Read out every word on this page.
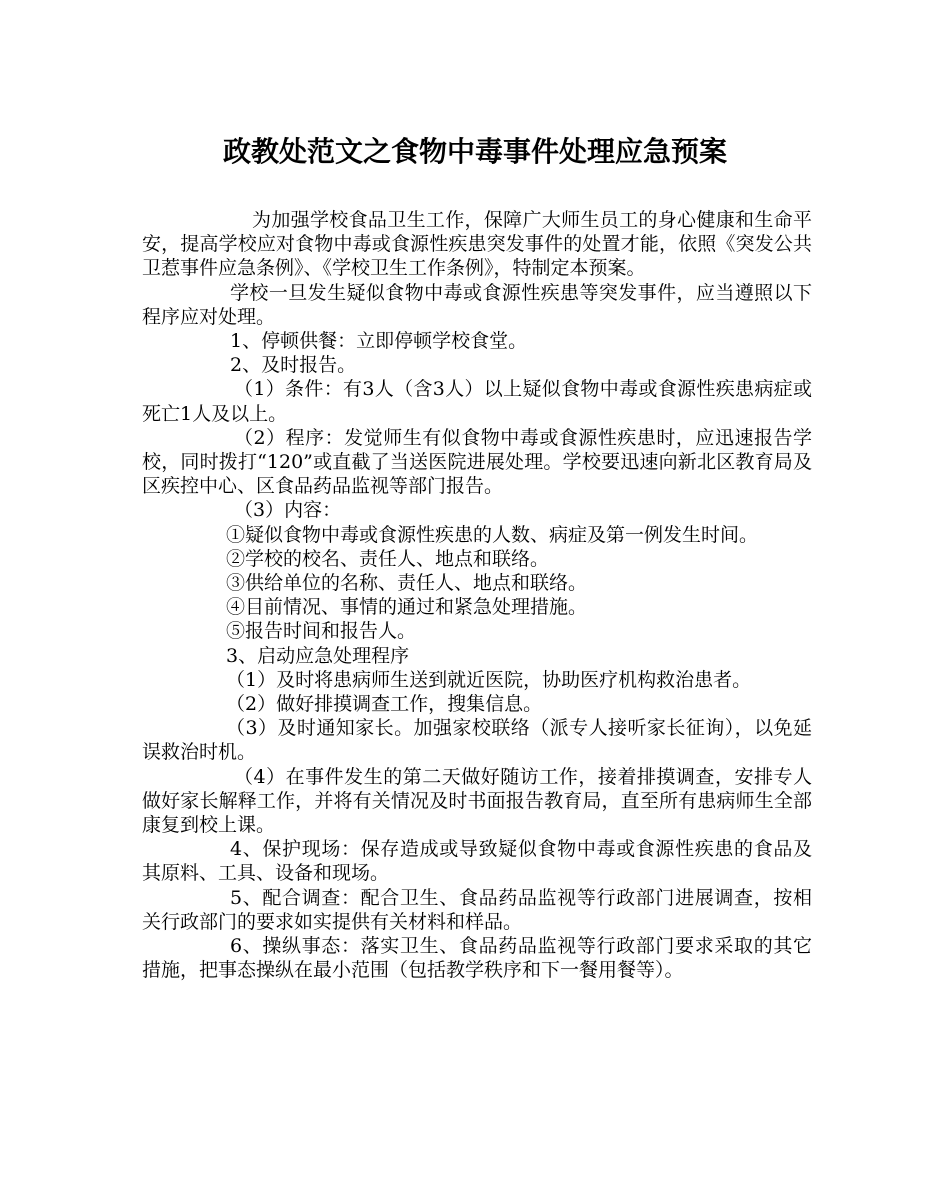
政教处范文之食物中毒事件处理应急预案

为加强学校食品卫生工作，保障广大师生员工的身心健康和生命平安，提高学校应对食物中毒或食源性疾患突发事件的处置才能，依照《突发公共卫惹事件应急条例》、《学校卫生工作条例》，特制定本预案。

学校一旦发生疑似食物中毒或食源性疾患等突发事件，应当遵照以下程序应对处理。

1、停顿供餐：立即停顿学校食堂。

2、及时报告。

（1）条件：有3人（含3人）以上疑似食物中毒或食源性疾患病症或死亡1人及以上。

（2）程序：发觉师生有似食物中毒或食源性疾患时，应迅速报告学校，同时拨打“120”或直截了当送医院进展处理。学校要迅速向新北区教育局及区疾控中心、区食品药品监视等部门报告。

（3）内容：

①疑似食物中毒或食源性疾患的人数、病症及第一例发生时间。

②学校的校名、责任人、地点和联络。

③供给单位的名称、责任人、地点和联络。

④目前情况、事情的通过和紧急处理措施。

⑤报告时间和报告人。

3、启动应急处理程序

（1）及时将患病师生送到就近医院，协助医疗机构救治患者。

（2）做好排摸调查工作，搜集信息。

（3）及时通知家长。加强家校联络（派专人接听家长征询），以免延误救治时机。

（4）在事件发生的第二天做好随访工作，接着排摸调查，安排专人做好家长解释工作，并将有关情况及时书面报告教育局，直至所有患病师生全部康复到校上课。

4、保护现场：保存造成或导致疑似食物中毒或食源性疾患的食品及其原料、工具、设备和现场。

5、配合调查：配合卫生、食品药品监视等行政部门进展调查，按相关行政部门的要求如实提供有关材料和样品。

6、操纵事态：落实卫生、食品药品监视等行政部门要求采取的其它措施，把事态操纵在最小范围（包括教学秩序和下一餐用餐等）。
